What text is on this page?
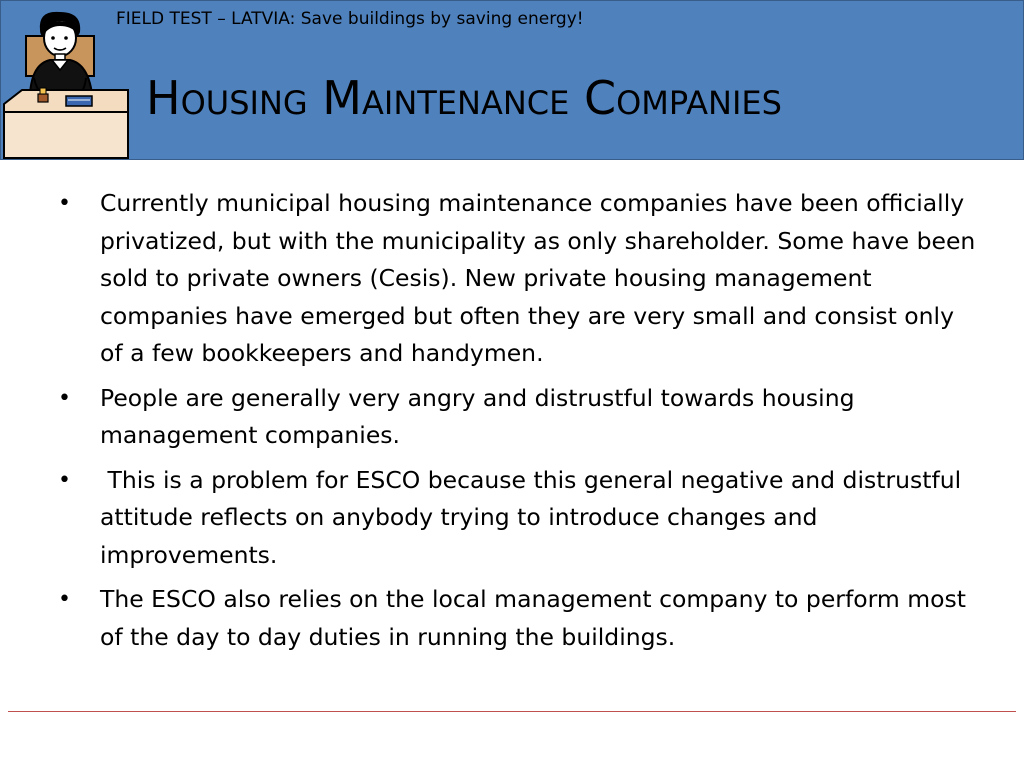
FIELD TEST – LATVIA: Save buildings by saving energy!
Housing Maintenance Companies
• Currently municipal housing maintenance companies have been officially privatized, but with the municipality as only shareholder. Some have been sold to private owners (Cesis). New private housing management companies have emerged but often they are very small and consist only of a few bookkeepers and handymen.
• People are generally very angry and distrustful towards housing management companies.
• This is a problem for ESCO because this general negative and distrustful attitude reflects on anybody trying to introduce changes and improvements.
• The ESCO also relies on the local management company to perform most of the day to day duties in running the buildings.
